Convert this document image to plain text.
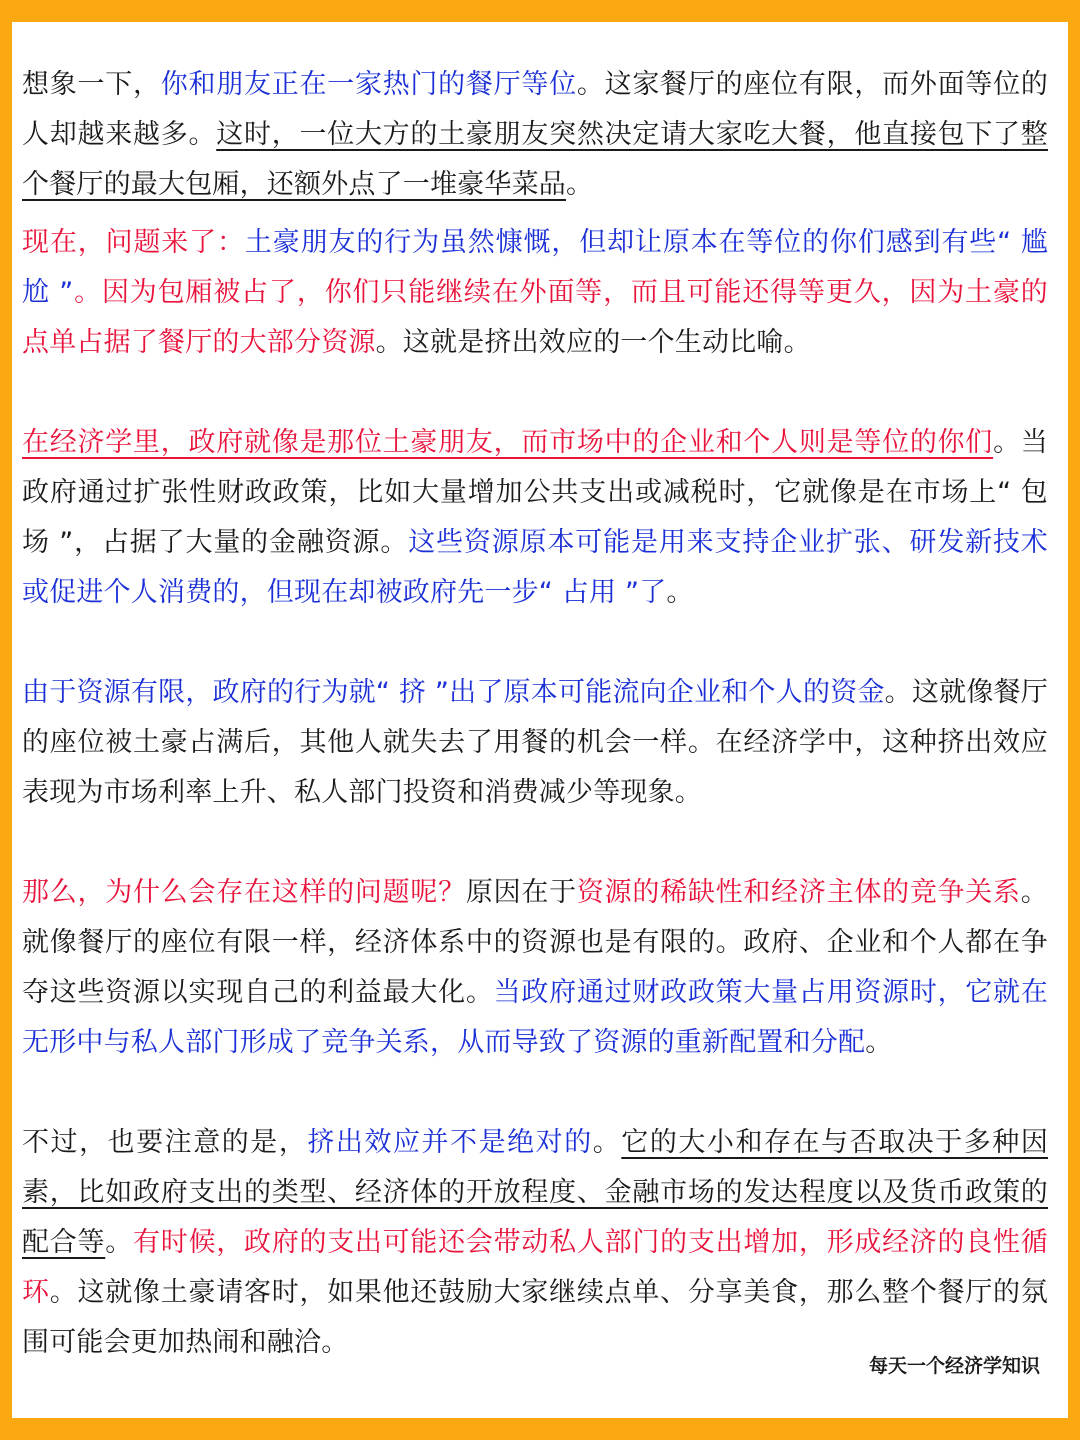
想象一下，你和朋友正在一家热门的餐厅等位。这家餐厅的座位有限，而外面等位的人却越来越多。这时，一位大方的土豪朋友突然决定请大家吃大餐，他直接包下了整个餐厅的最大包厢，还额外点了一堆豪华菜品。

现在，问题来了：土豪朋友的行为虽然慷慨，但却让原本在等位的你们感到有些“ 尴尬 ”。因为包厢被占了，你们只能继续在外面等，而且可能还得等更久，因为土豪的点单占据了餐厅的大部分资源。这就是挤出效应的一个生动比喻。

在经济学里，政府就像是那位土豪朋友，而市场中的企业和个人则是等位的你们。当政府通过扩张性财政政策，比如大量增加公共支出或减税时，它就像是在市场上“ 包场 ”，占据了大量的金融资源。这些资源原本可能是用来支持企业扩张、研发新技术或促进个人消费的，但现在却被政府先一步“ 占用 ”了。

由于资源有限，政府的行为就“ 挤 ”出了原本可能流向企业和个人的资金。这就像餐厅的座位被土豪占满后，其他人就失去了用餐的机会一样。在经济学中，这种挤出效应表现为市场利率上升、私人部门投资和消费减少等现象。

那么，为什么会存在这样的问题呢？原因在于资源的稀缺性和经济主体的竞争关系。就像餐厅的座位有限一样，经济体系中的资源也是有限的。政府、企业和个人都在争夺这些资源以实现自己的利益最大化。当政府通过财政政策大量占用资源时，它就在无形中与私人部门形成了竞争关系，从而导致了资源的重新配置和分配。

不过，也要注意的是，挤出效应并不是绝对的。它的大小和存在与否取决于多种因素，比如政府支出的类型、经济体的开放程度、金融市场的发达程度以及货币政策的配合等。有时候，政府的支出可能还会带动私人部门的支出增加，形成经济的良性循环。这就像土豪请客时，如果他还鼓励大家继续点单、分享美食，那么整个餐厅的氛围可能会更加热闹和融洽。

每天一个经济学知识
